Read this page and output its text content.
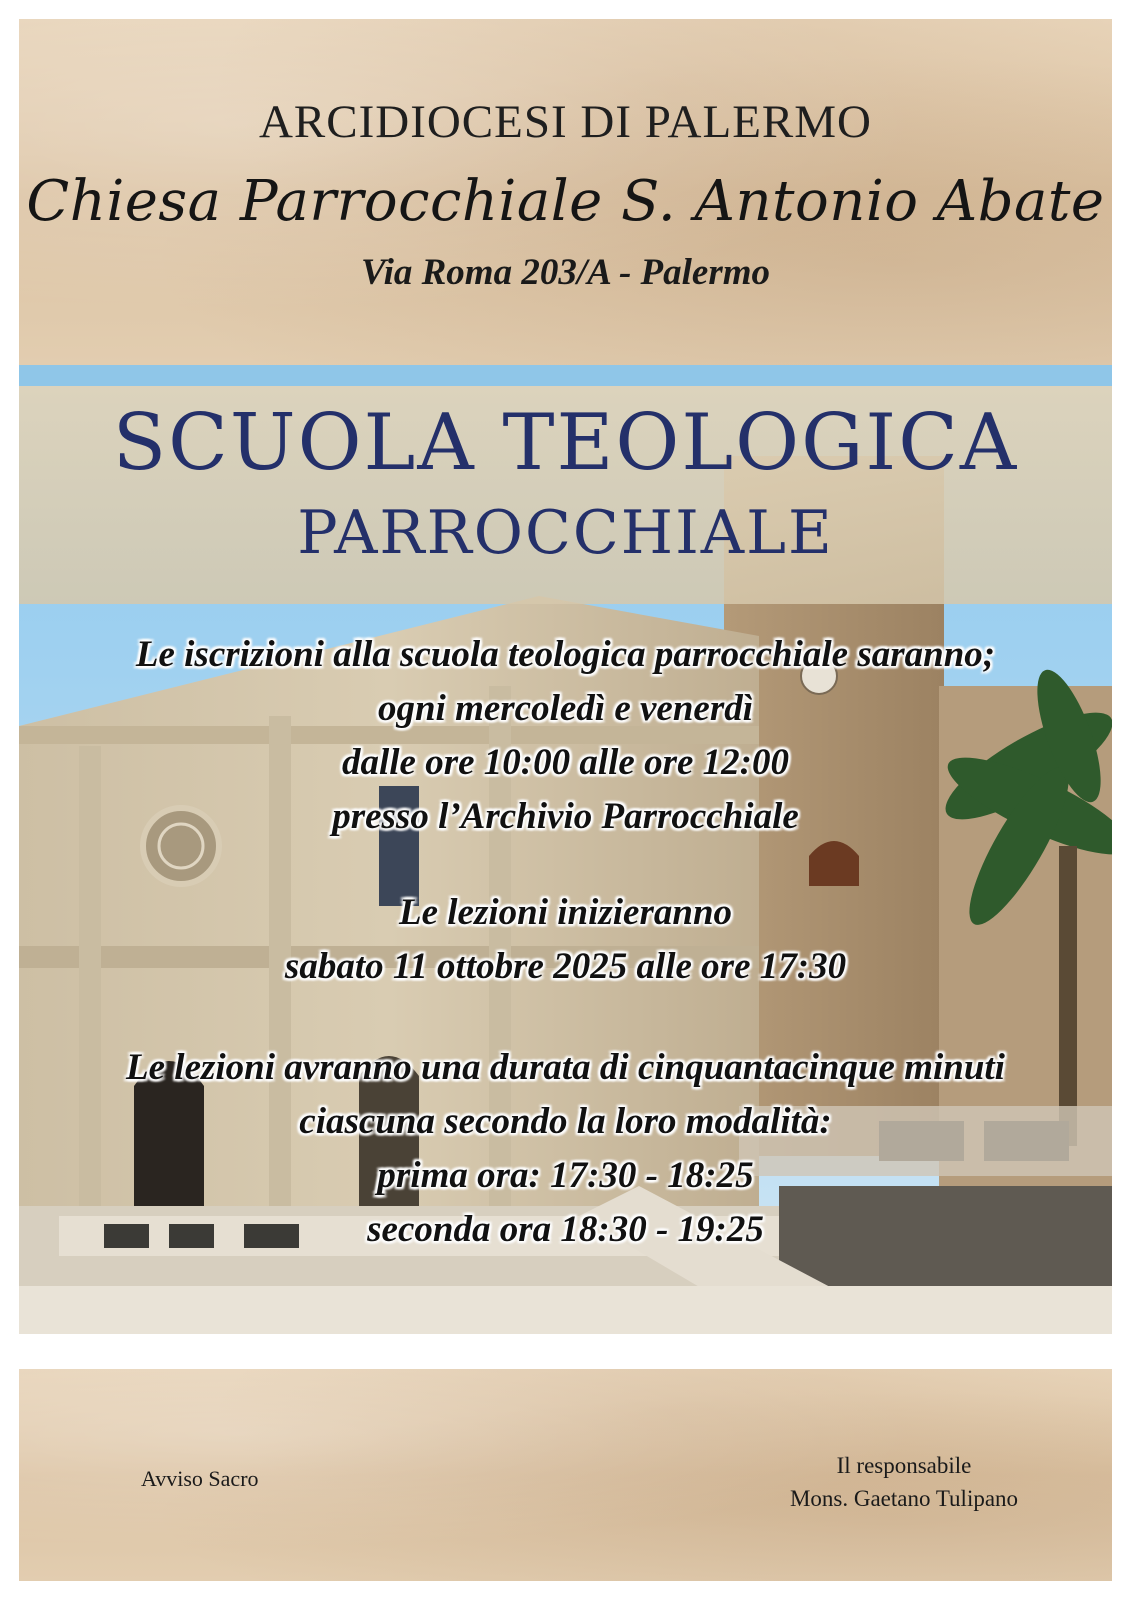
ARCIDIOCESI DI PALERMO
Chiesa Parrocchiale S. Antonio Abate
Via Roma 203/A - Palermo
SCUOLA TEOLOGICA
PARROCCHIALE
Le iscrizioni alla scuola teologica parrocchiale saranno;
ogni mercoledì e venerdì
dalle ore 10:00 alle ore 12:00
presso l’Archivio Parrocchiale
Le lezioni inizieranno
sabato 11 ottobre 2025 alle ore 17:30
Le lezioni avranno una durata di cinquantacinque minuti
ciascuna secondo la loro modalità:
prima ora: 17:30 - 18:25
seconda ora 18:30 - 19:25
Avviso Sacro
Il responsabile
Mons. Gaetano Tulipano
